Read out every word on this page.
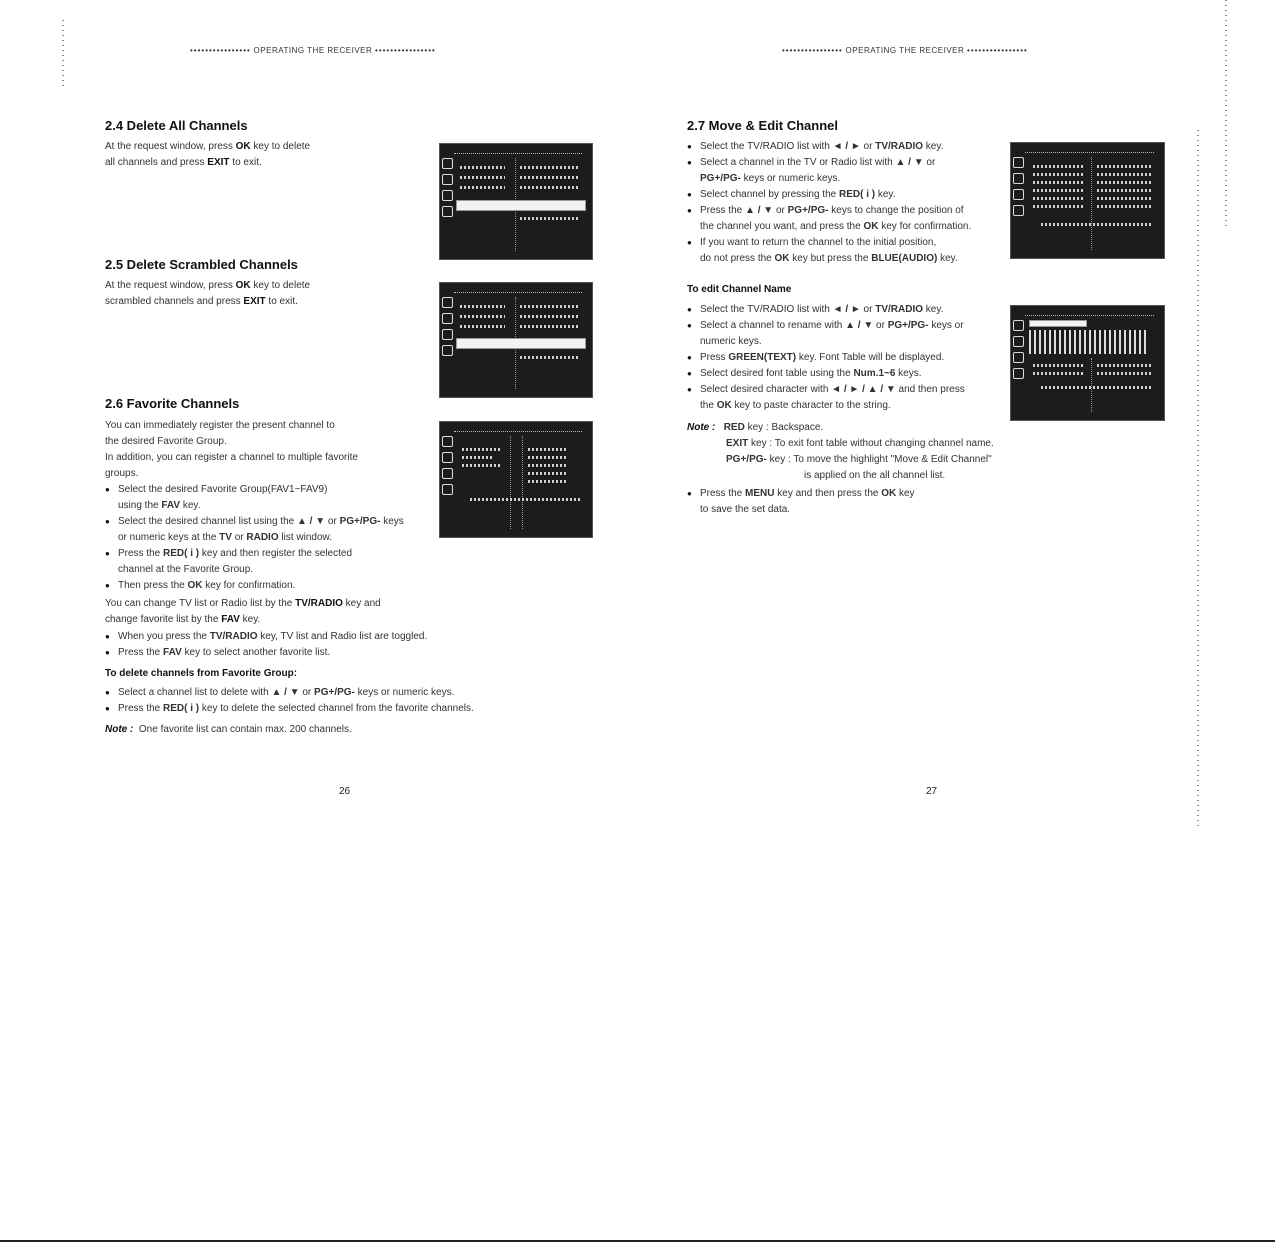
•••••••••••••••• OPERATING THE RECEIVER ••••••••••••••••
2.4 Delete All Channels
At the request window, press OK key to delete
all channels and press EXIT to exit.
2.5 Delete Scrambled Channels
At the request window, press OK key to delete
scrambled channels and press EXIT to exit.
2.6 Favorite Channels
You can immediately register the present channel to
the desired Favorite Group.
In addition, you can register a channel to multiple favorite
groups.
● Select the desired Favorite Group(FAV1~FAV9)
using the FAV key.
● Select the desired channel list using the ▲ / ▼ or PG+/PG- keys
or numeric keys at the TV or RADIO list window.
● Press the RED( i ) key and then register the selected
channel at the Favorite Group.
● Then press the OK key for confirmation.
You can change TV list or Radio list by the TV/RADIO key and
change favorite list by the FAV key.
● When you press the TV/RADIO key, TV list and Radio list are toggled.
● Press the FAV key to select another favorite list.
To delete channels from Favorite Group:
● Select a channel list to delete with ▲ / ▼ or PG+/PG- keys or numeric keys.
● Press the RED( i ) key to delete the selected channel from the favorite channels.
Note : One favorite list can contain max. 200 channels.
26
•••••••••••••••• OPERATING THE RECEIVER ••••••••••••••••
2.7 Move & Edit Channel
● Select the TV/RADIO list with ◄ / ► or TV/RADIO key.
● Select a channel in the TV or Radio list with ▲ / ▼ or
PG+/PG- keys or numeric keys.
● Select channel by pressing the RED( i ) key.
● Press the ▲ / ▼ or PG+/PG- keys to change the position of
the channel you want, and press the OK key for confirmation.
● If you want to return the channel to the initial position,
do not press the OK key but press the BLUE(AUDIO) key.
To edit Channel Name
● Select the TV/RADIO list with ◄ / ► or TV/RADIO key.
● Select a channel to rename with ▲ / ▼ or PG+/PG- keys or
numeric keys.
● Press GREEN(TEXT) key. Font Table will be displayed.
● Select desired font table using the Num.1~6 keys.
● Select desired character with ◄ / ► / ▲ / ▼ and then press
the OK key to paste character to the string.
Note : RED key : Backspace.
EXIT key : To exit font table without changing channel name.
PG+/PG- key : To move the highlight "Move & Edit Channel"
is applied on the all channel list.
● Press the MENU key and then press the OK key
to save the set data.
27
